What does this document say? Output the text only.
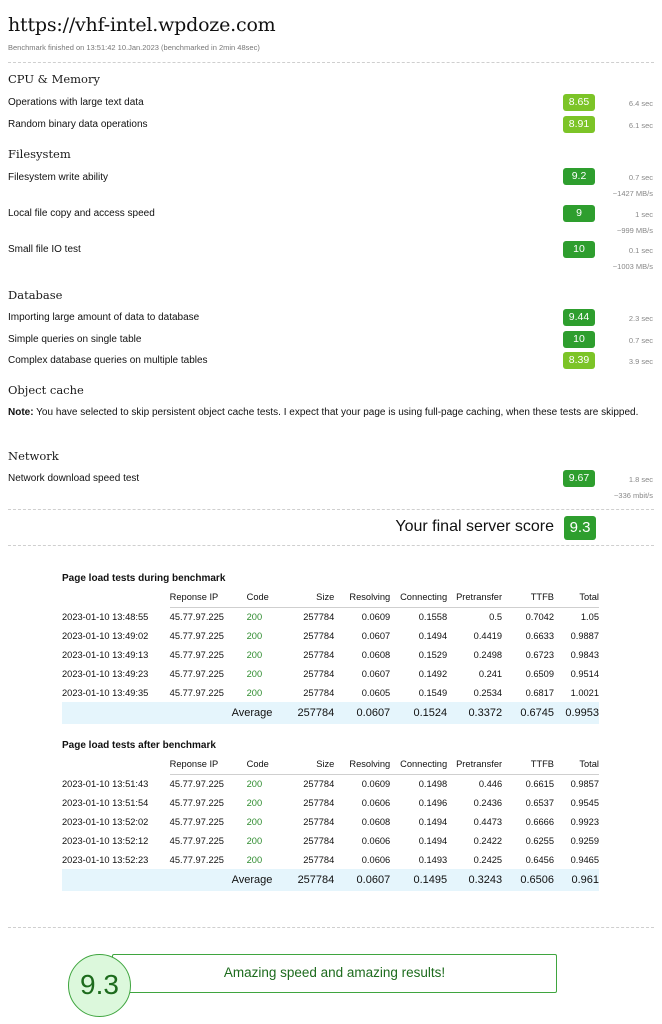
https://vhf-intel.wpdoze.com
Benchmark finished on 13:51:42 10.Jan.2023 (benchmarked in 2min 48sec)
CPU & Memory
Operations with large text data	8.65	6.4 sec
Random binary data operations	8.91	6.1 sec
Filesystem
Filesystem write ability	9.2	0.7 sec
~1427 MB/s
Local file copy and access speed	9	1 sec
~999 MB/s
Small file IO test	10	0.1 sec
~1003 MB/s
Database
Importing large amount of data to database	9.44	2.3 sec
Simple queries on single table	10	0.7 sec
Complex database queries on multiple tables	8.39	3.9 sec
Object cache
Note: You have selected to skip persistent object cache tests. I expect that your page is using full-page caching, when these tests are skipped.
Network
Network download speed test	9.67	1.8 sec
~336 mbit/s
Your final server score	9.3
Page load tests during benchmark
	Reponse IP	Code	Size	Resolving	Connecting	Pretransfer	TTFB	Total
2023-01-10 13:48:55	45.77.97.225	200	257784	0.0609	0.1558	0.5	0.7042	1.05
2023-01-10 13:49:02	45.77.97.225	200	257784	0.0607	0.1494	0.4419	0.6633	0.9887
2023-01-10 13:49:13	45.77.97.225	200	257784	0.0608	0.1529	0.2498	0.6723	0.9843
2023-01-10 13:49:23	45.77.97.225	200	257784	0.0607	0.1492	0.241	0.6509	0.9514
2023-01-10 13:49:35	45.77.97.225	200	257784	0.0605	0.1549	0.2534	0.6817	1.0021
		Average	257784	0.0607	0.1524	0.3372	0.6745	0.9953
Page load tests after benchmark
	Reponse IP	Code	Size	Resolving	Connecting	Pretransfer	TTFB	Total
2023-01-10 13:51:43	45.77.97.225	200	257784	0.0609	0.1498	0.446	0.6615	0.9857
2023-01-10 13:51:54	45.77.97.225	200	257784	0.0606	0.1496	0.2436	0.6537	0.9545
2023-01-10 13:52:02	45.77.97.225	200	257784	0.0608	0.1494	0.4473	0.6666	0.9923
2023-01-10 13:52:12	45.77.97.225	200	257784	0.0606	0.1494	0.2422	0.6255	0.9259
2023-01-10 13:52:23	45.77.97.225	200	257784	0.0606	0.1493	0.2425	0.6456	0.9465
		Average	257784	0.0607	0.1495	0.3243	0.6506	0.961
Amazing speed and amazing results!
9.3
